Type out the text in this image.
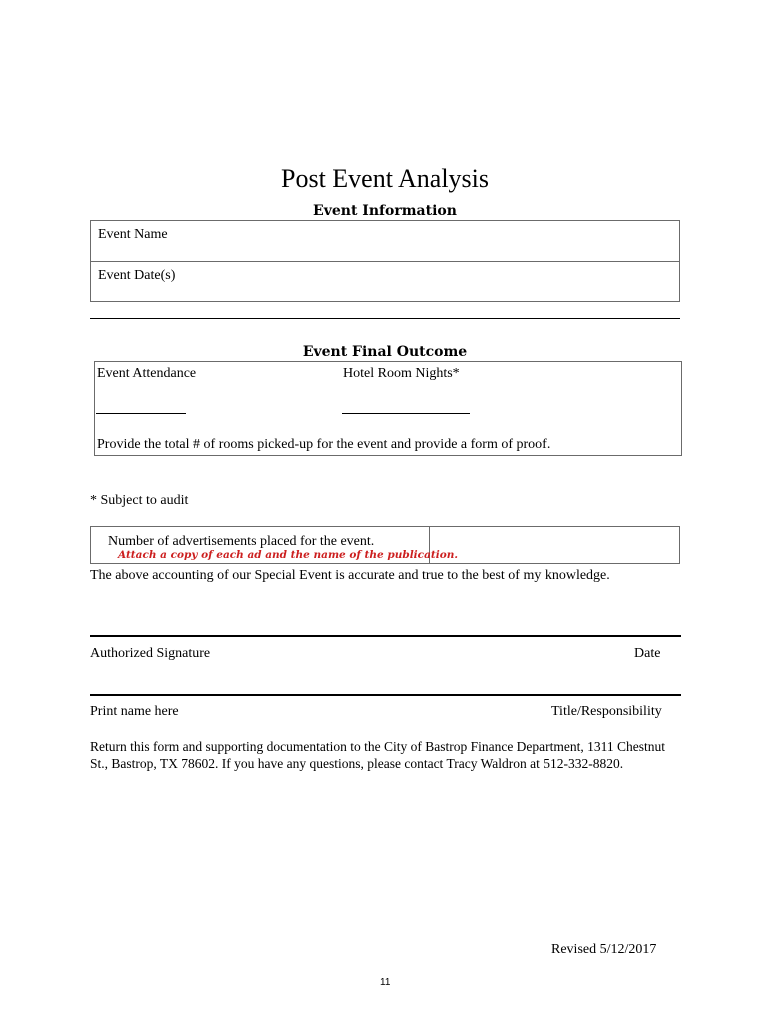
Post Event Analysis
Event Information
Event Name
Event Date(s)
Event Final Outcome
Event Attendance	Hotel Room Nights*
Provide the total # of rooms picked-up for the event and provide a form of proof.
* Subject to audit
Number of advertisements placed for the event.
Attach a copy of each ad and the name of the publication.
The above accounting of our Special Event is accurate and true to the best of my knowledge.
Authorized Signature	Date
Print name here	Title/Responsibility
Return this form and supporting documentation to the City of Bastrop Finance Department, 1311 Chestnut St., Bastrop, TX 78602. If you have any questions, please contact Tracy Waldron at 512-332-8820.
Revised 5/12/2017
11
